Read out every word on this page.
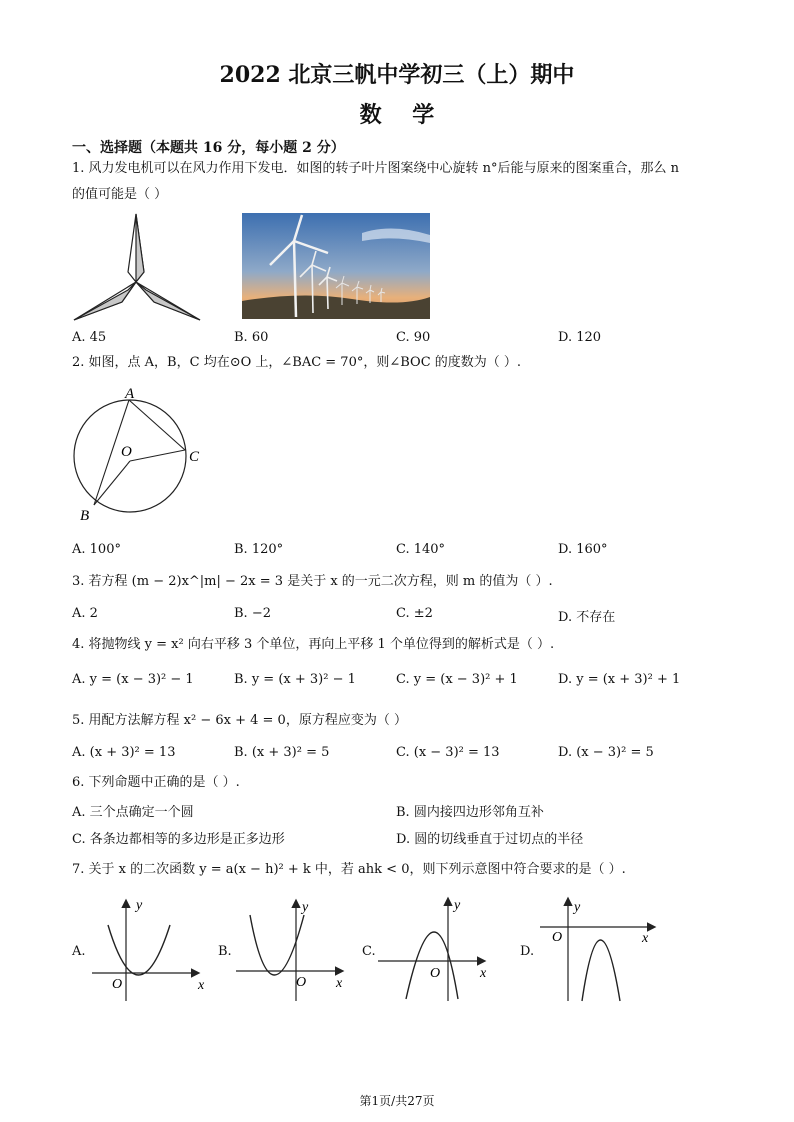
2022 北京三帆中学初三（上）期中
数    学
一、选择题（本题共 16 分，每小题 2 分）
1. 风力发电机可以在风力作用下发电．如图的转子叶片图案绕中心旋转 n°后能与原来的图案重合，那么 n
的值可能是（ ）
A. 45	B. 60	C. 90	D. 120
2. 如图，点 A，B，C 均在⊙O 上，∠BAC = 70°，则∠BOC 的度数为（ ）.
A
O	C
B
A. 100°	B. 120°	C. 140°	D. 160°
3. 若方程 (m − 2)x^|m| − 2x = 3 是关于 x 的一元二次方程，则 m 的值为（ ）.
A. 2	B. −2	C. ±2	D. 不存在
4. 将抛物线 y = x² 向右平移 3 个单位，再向上平移 1 个单位得到的解析式是（ ）.
A. y = (x − 3)² − 1	B. y = (x + 3)² − 1	C. y = (x − 3)² + 1	D. y = (x + 3)² + 1
5. 用配方法解方程 x² − 6x + 4 = 0，原方程应变为（ ）
A. (x + 3)² = 13	B. (x + 3)² = 5	C. (x − 3)² = 13	D. (x − 3)² = 5
6. 下列命题中正确的是（ ）.
A. 三个点确定一个圆	B. 圆内接四边形邻角互补
C. 各条边都相等的多边形是正多边形	D. 圆的切线垂直于过切点的半径
7. 关于 x 的二次函数 y = a(x − h)² + k 中，若 ahk < 0，则下列示意图中符合要求的是（ ）.
A.
y
O	x
B.
y
O x
C.
y
O	x
D.
y
O	x
第1页/共27页
